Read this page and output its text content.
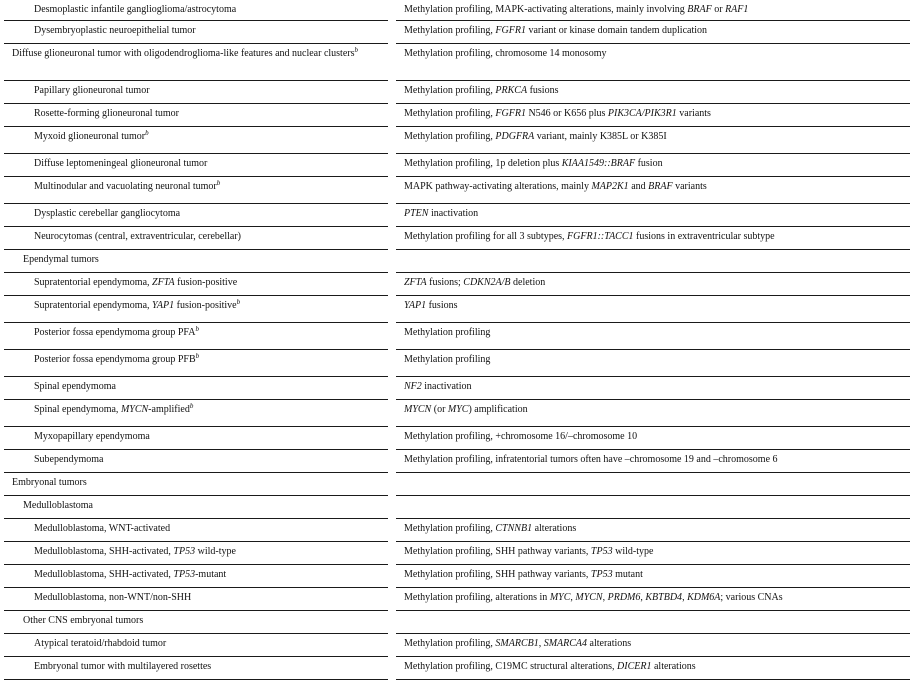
Desmoplastic infantile ganglioglioma/astrocytoma	Methylation profiling, MAPK-activating alterations, mainly involving BRAF or RAF1

Dysembryoplastic neuroepithelial tumor	Methylation profiling, FGFR1 variant or kinase domain tandem duplication

Diffuse glioneuronal tumor with oligodendroglioma-like features and nuclear clusters$^b$	Methylation profiling, chromosome 14 monosomy

Papillary glioneuronal tumor	Methylation profiling, PRKCA fusions

Rosette-forming glioneuronal tumor	Methylation profiling, FGFR1 N546 or K656 plus PIK3CA/PIK3R1 variants

Myxoid glioneuronal tumor$^b$	Methylation profiling, PDGFRA variant, mainly K385L or K385I

Diffuse leptomeningeal glioneuronal tumor	Methylation profiling, 1p deletion plus KIAA1549::BRAF fusion

Multinodular and vacuolating neuronal tumor$^b$	MAPK pathway-activating alterations, mainly MAP2K1 and BRAF variants

Dysplastic cerebellar gangliocytoma	PTEN inactivation

Neurocytomas (central, extraventricular, cerebellar)	Methylation profiling for all 3 subtypes, FGFR1::TACC1 fusions in extraventricular subtype

Ependymal tumors	

Supratentorial ependymoma, ZFTA fusion-positive	ZFTA fusions; CDKN2A/B deletion

Supratentorial ependymoma, YAP1 fusion-positive$^b$	YAP1 fusions

Posterior fossa ependymoma group PFA$^b$	Methylation profiling

Posterior fossa ependymoma group PFB$^b$	Methylation profiling

Spinal ependymoma	NF2 inactivation

Spinal ependymoma, MYCN-amplified$^b$	MYCN (or MYC) amplification

Myxopapillary ependymoma	Methylation profiling, +chromosome 16/–chromosome 10

Subependymoma	Methylation profiling, infratentorial tumors often have –chromosome 19 and –chromosome 6

Embryonal tumors	

Medulloblastoma	

Medulloblastoma, WNT-activated	Methylation profiling, CTNNB1 alterations

Medulloblastoma, SHH-activated, TP53 wild-type	Methylation profiling, SHH pathway variants, TP53 wild-type

Medulloblastoma, SHH-activated, TP53-mutant	Methylation profiling, SHH pathway variants, TP53 mutant

Medulloblastoma, non-WNT/non-SHH	Methylation profiling, alterations in MYC, MYCN, PRDM6, KBTBD4, KDM6A; various CNAs

Other CNS embryonal tumors	

Atypical teratoid/rhabdoid tumor	Methylation profiling, SMARCB1, SMARCA4 alterations

Embryonal tumor with multilayered rosettes	Methylation profiling, C19MC structural alterations, DICER1 alterations
